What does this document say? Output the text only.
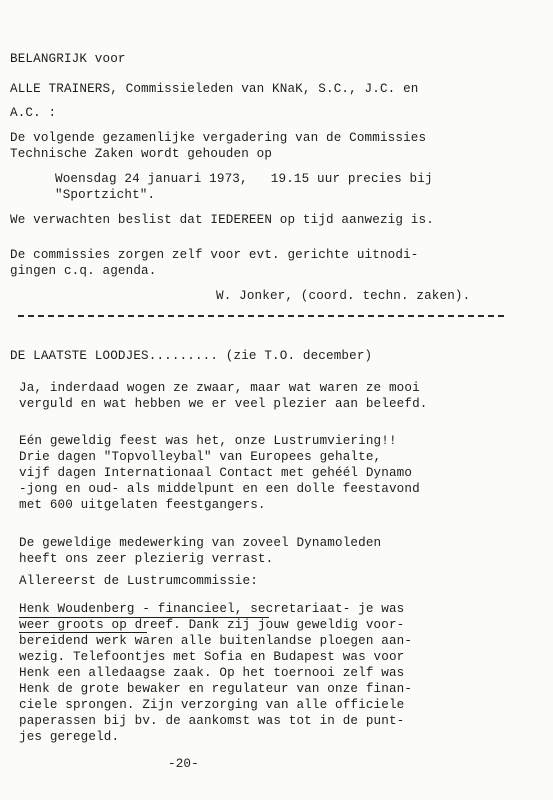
BELANGRIJK voor
ALLE TRAINERS, Commissieleden van KNaK, S.C., J.C. en
A.C. :
De volgende gezamenlijke vergadering van de Commissies
Technische Zaken wordt gehouden op
Woensdag 24 januari 1973,   19.15 uur precies bij
"Sportzicht".
We verwachten beslist dat IEDEREEN op tijd aanwezig is.
De commissies zorgen zelf voor evt. gerichte uitnodi-
gingen c.q. agenda.
W. Jonker, (coord. techn. zaken).
DE LAATSTE LOODJES......... (zie T.O. december)
Ja, inderdaad wogen ze zwaar, maar wat waren ze mooi
verguld en wat hebben we er veel plezier aan beleefd.
Eén geweldig feest was het, onze Lustrumviering!!
Drie dagen "Topvolleybal" van Europees gehalte,
vijf dagen Internationaal Contact met gehéél Dynamo
-jong en oud- als middelpunt en een dolle feestavond
met 600 uitgelaten feestgangers.
De geweldige medewerking van zoveel Dynamoleden
heeft ons zeer plezierig verrast.
Allereerst de Lustrumcommissie:
Henk Woudenberg - financieel, secretariaat- je was
weer groots op dreef. Dank zij jouw geweldig voor-
bereidend werk waren alle buitenlandse ploegen aan-
wezig. Telefoontjes met Sofia en Budapest was voor
Henk een alledaagse zaak. Op het toernooi zelf was
Henk de grote bewaker en regulateur van onze finan-
ciele sprongen. Zijn verzorging van alle officiele
paperassen bij bv. de aankomst was tot in de punt-
jes geregeld.
-20-
